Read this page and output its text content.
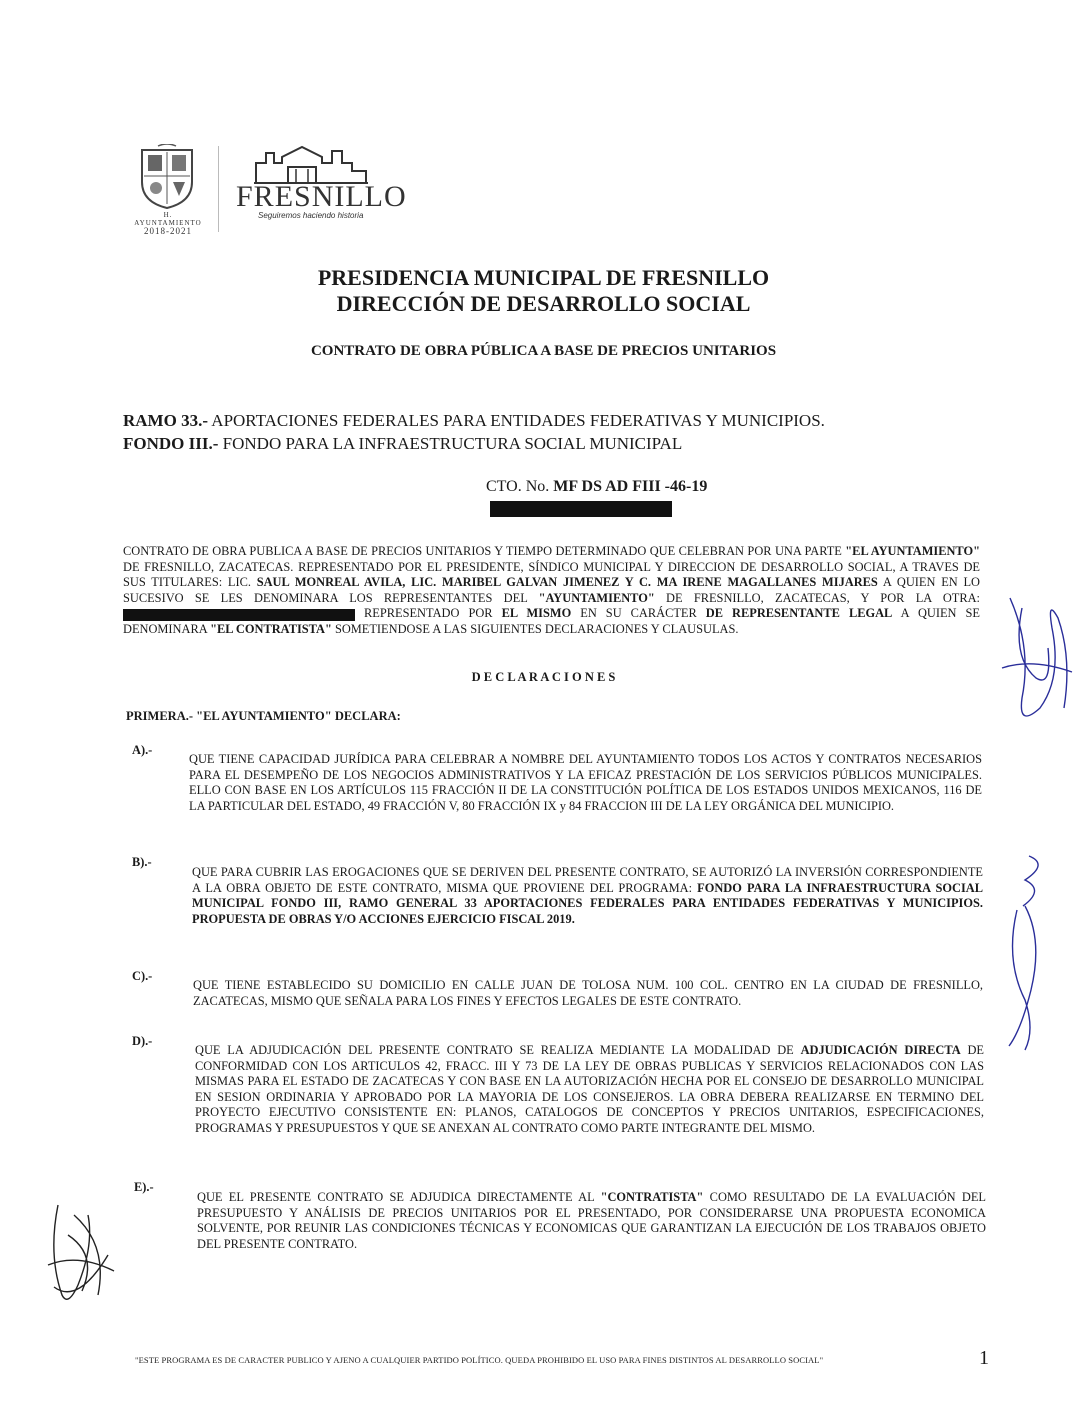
H. AYUNTAMIENTO
2018-2021
FRESNILLO
Seguiremos haciendo historia
PRESIDENCIA MUNICIPAL DE FRESNILLO
DIRECCIÓN DE DESARROLLO SOCIAL
CONTRATO DE OBRA PÚBLICA A BASE DE PRECIOS UNITARIOS
RAMO 33.- APORTACIONES FEDERALES PARA ENTIDADES FEDERATIVAS Y MUNICIPIOS.
FONDO III.- FONDO PARA LA INFRAESTRUCTURA SOCIAL MUNICIPAL
CTO. No. MF DS AD FIII -46-19
CONTRATO DE OBRA PUBLICA A BASE DE PRECIOS UNITARIOS Y TIEMPO DETERMINADO QUE CELEBRAN POR UNA PARTE "EL AYUNTAMIENTO" DE FRESNILLO, ZACATECAS. REPRESENTADO POR EL PRESIDENTE, SÍNDICO MUNICIPAL Y DIRECCION DE DESARROLLO SOCIAL, A TRAVES DE SUS TITULARES: LIC. SAUL MONREAL AVILA, LIC. MARIBEL GALVAN JIMENEZ Y C. MA IRENE MAGALLANES MIJARES A QUIEN EN LO SUCESIVO SE LES DENOMINARA LOS REPRESENTANTES DEL "AYUNTAMIENTO" DE FRESNILLO, ZACATECAS, Y POR LA OTRA:  REPRESENTADO POR EL MISMO EN SU CARÁCTER DE REPRESENTANTE LEGAL A QUIEN SE DENOMINARA "EL CONTRATISTA" SOMETIENDOSE A LAS SIGUIENTES DECLARACIONES Y CLAUSULAS.
D E C L A R A C I O N E S
PRIMERA.- "EL AYUNTAMIENTO" DECLARA:
A).-
QUE TIENE CAPACIDAD JURÍDICA PARA CELEBRAR A NOMBRE DEL AYUNTAMIENTO TODOS LOS ACTOS Y CONTRATOS NECESARIOS PARA EL DESEMPEÑO DE LOS NEGOCIOS ADMINISTRATIVOS Y LA EFICAZ PRESTACIÓN DE LOS SERVICIOS PÚBLICOS MUNICIPALES. ELLO CON BASE EN LOS ARTÍCULOS 115 FRACCIÓN II DE LA CONSTITUCIÓN POLÍTICA DE LOS ESTADOS UNIDOS MEXICANOS, 116 DE LA PARTICULAR DEL ESTADO, 49 FRACCIÓN V, 80 FRACCIÓN IX y 84 FRACCION III DE LA LEY ORGÁNICA DEL MUNICIPIO.
B).-
QUE PARA CUBRIR LAS EROGACIONES QUE SE DERIVEN DEL PRESENTE CONTRATO, SE AUTORIZÓ LA INVERSIÓN CORRESPONDIENTE A LA OBRA OBJETO DE ESTE CONTRATO, MISMA QUE PROVIENE DEL PROGRAMA: FONDO PARA LA INFRAESTRUCTURA SOCIAL MUNICIPAL FONDO III, RAMO GENERAL 33 APORTACIONES FEDERALES PARA ENTIDADES FEDERATIVAS Y MUNICIPIOS. PROPUESTA DE OBRAS Y/O ACCIONES EJERCICIO FISCAL 2019.
C).-
QUE TIENE ESTABLECIDO SU DOMICILIO EN CALLE JUAN DE TOLOSA NUM. 100 COL. CENTRO EN LA CIUDAD DE FRESNILLO, ZACATECAS, MISMO QUE SEÑALA PARA LOS FINES Y EFECTOS LEGALES DE ESTE CONTRATO.
D).-
QUE LA ADJUDICACIÓN DEL PRESENTE CONTRATO SE REALIZA MEDIANTE LA MODALIDAD DE ADJUDICACIÓN DIRECTA DE CONFORMIDAD CON LOS ARTICULOS 42, FRACC. III Y 73 DE LA LEY DE OBRAS PUBLICAS Y SERVICIOS RELACIONADOS CON LAS MISMAS PARA EL ESTADO DE ZACATECAS Y CON BASE EN LA AUTORIZACIÓN HECHA POR EL CONSEJO DE DESARROLLO MUNICIPAL EN SESION ORDINARIA Y APROBADO POR LA MAYORIA DE LOS CONSEJEROS. LA OBRA DEBERA REALIZARSE EN TERMINO DEL PROYECTO EJECUTIVO CONSISTENTE EN: PLANOS, CATALOGOS DE CONCEPTOS Y PRECIOS UNITARIOS, ESPECIFICACIONES, PROGRAMAS Y PRESUPUESTOS Y QUE SE ANEXAN AL CONTRATO COMO PARTE INTEGRANTE DEL MISMO.
E).-
QUE EL PRESENTE CONTRATO SE ADJUDICA DIRECTAMENTE AL "CONTRATISTA" COMO RESULTADO DE LA EVALUACIÓN DEL PRESUPUESTO Y ANÁLISIS DE PRECIOS UNITARIOS POR EL PRESENTADO, POR CONSIDERARSE UNA PROPUESTA ECONOMICA SOLVENTE, POR REUNIR LAS CONDICIONES TÉCNICAS Y ECONOMICAS QUE GARANTIZAN LA EJECUCIÓN DE LOS TRABAJOS OBJETO DEL PRESENTE CONTRATO.
"ESTE PROGRAMA ES DE CARACTER PUBLICO Y AJENO A CUALQUIER PARTIDO POLÍTICO. QUEDA PROHIBIDO EL USO PARA FINES DISTINTOS AL DESARROLLO SOCIAL"	1
